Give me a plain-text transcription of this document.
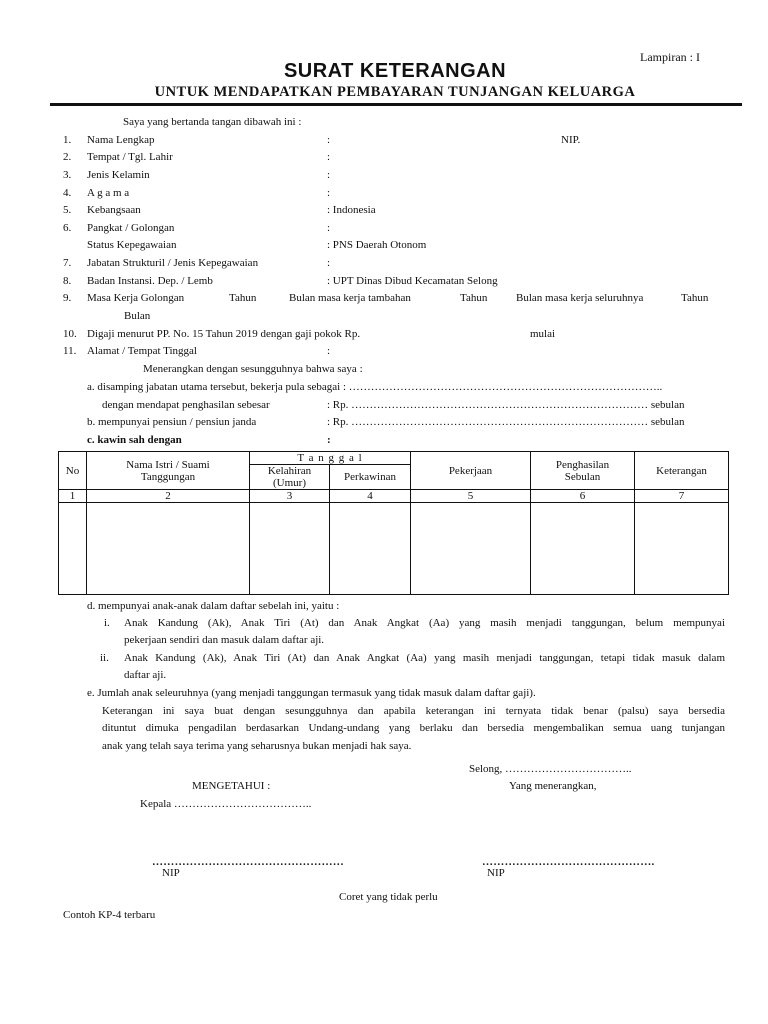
Lampiran : I
SURAT KETERANGAN
UNTUK MENDAPATKAN PEMBAYARAN TUNJANGAN KELUARGA
Saya yang bertanda tangan dibawah ini :
1. Nama Lengkap	:	NIP.
2. Tempat / Tgl. Lahir	:
3. Jenis Kelamin	:
4. A g a m a	:
5. Kebangsaan	: Indonesia
6. Pangkat / Golongan	:
Status Kepegawaian	: PNS Daerah Otonom
7. Jabatan Strukturil / Jenis Kepegawaian	:
8. Badan Instansi. Dep. / Lemb	: UPT Dinas Dibud Kecamatan Selong
9. Masa Kerja Golongan	Tahun	Bulan masa kerja tambahan	Tahun	Bulan masa kerja seluruhnya	Tahun
Bulan
10. Digaji menurut PP. No. 15 Tahun 2019 dengan gaji pokok Rp.	mulai
11. Alamat / Tempat Tinggal	:
Menerangkan dengan sesungguhnya bahwa saya :
a. disamping jabatan utama tersebut, bekerja pula sebagai : …………………………………………………………………………..
dengan mendapat penghasilan sebesar	: Rp. ……………………………………………………………………… sebulan
b. mempunyai pensiun / pensiun janda	: Rp. ……………………………………………………………………… sebulan
c. kawin sah dengan	:
No	Nama Istri / Suami Tanggungan	T a n g g a l		Pekerjaan	Penghasilan Sebulan	Keterangan
		Kelahiran (Umur)	Perkawinan			
1	2	3	4	5	6	7

d. mempunyai anak-anak dalam daftar sebelah ini, yaitu :
i. Anak Kandung (Ak), Anak Tiri (At) dan Anak Angkat (Aa) yang masih menjadi tanggungan, belum mempunyai
pekerjaan sendiri dan masuk dalam daftar aji.
ii. Anak Kandung (Ak), Anak Tiri (At) dan Anak Angkat (Aa) yang masih menjadi tanggungan, tetapi tidak masuk dalam
daftar aji.
e. Jumlah anak seleuruhnya (yang menjadi tanggungan termasuk yang tidak masuk dalam daftar gaji).
Keterangan ini saya buat dengan sesungguhnya dan apabila keterangan ini ternyata tidak benar (palsu) saya bersedia
dituntut dimuka pengadilan berdasarkan Undang-undang yang berlaku dan bersedia mengembalikan semua uang tunjangan
anak yang telah saya terima yang seharusnya bukan menjadi hak saya.
Selong, ……………………………..
MENGETAHUI :	Yang menerangkan,
Kepala ………………………………..
……………………………………………	……………………………………….
NIP	NIP
Coret yang tidak perlu
Contoh KP-4 terbaru
